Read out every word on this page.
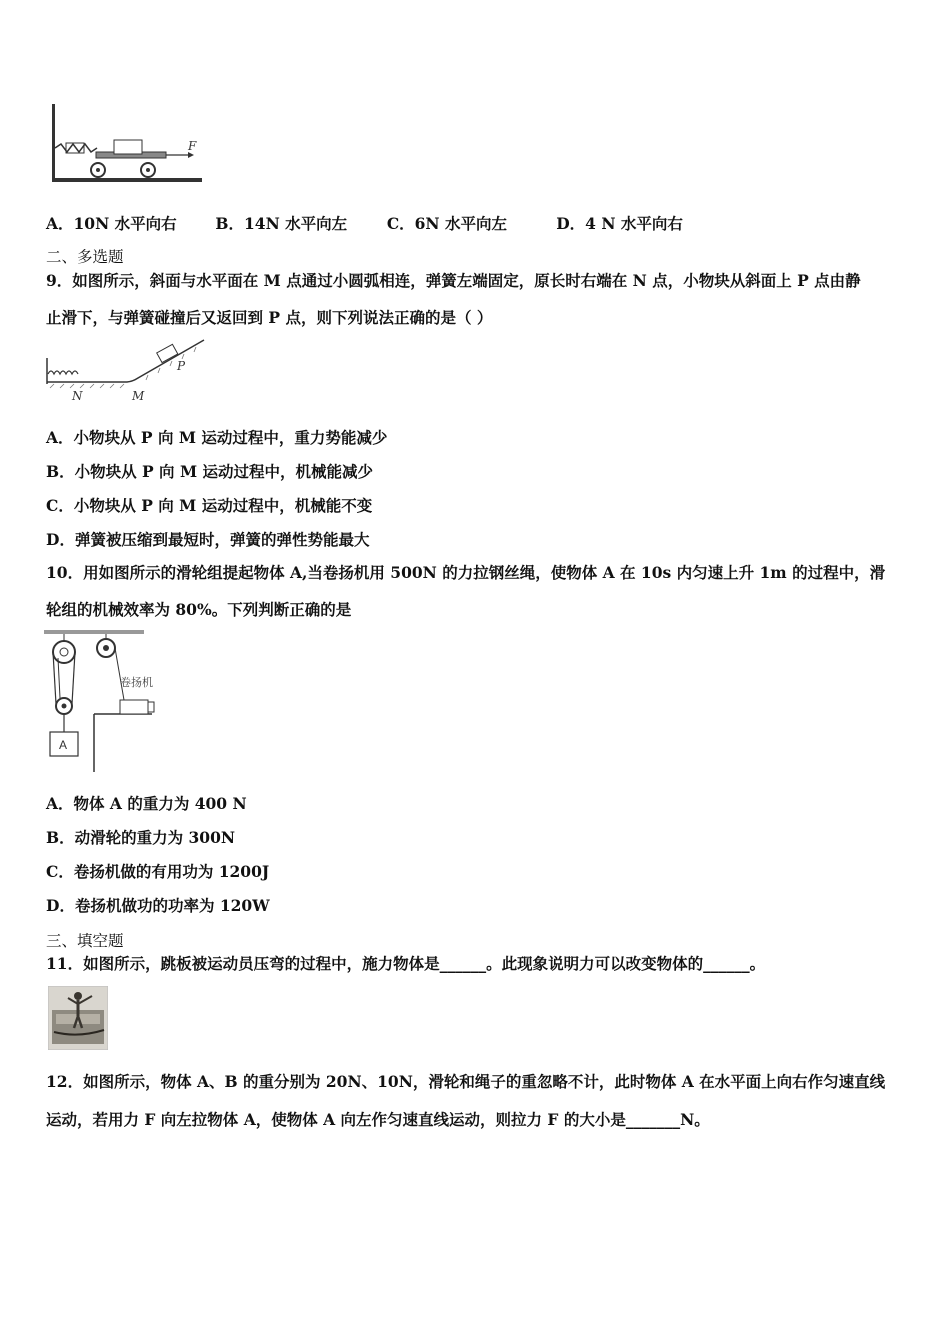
F
A．10N 水平向右 B．14N 水平向左	C．6N 水平向左	D．4 N 水平向右
二、多选题
9．如图所示，斜面与水平面在 M 点通过小圆弧相连，弹簧左端固定，原长时右端在 N 点，小物块从斜面上 P 点由静
止滑下，与弹簧碰撞后又返回到 P 点，则下列说法正确的是（ ）
N	M
P
A．小物块从 P 向 M 运动过程中，重力势能减少
B．小物块从 P 向 M 运动过程中，机械能减少
C．小物块从 P 向 M 运动过程中，机械能不变
D．弹簧被压缩到最短时，弹簧的弹性势能最大
10．用如图所示的滑轮组提起物体 A,当卷扬机用 500N 的力拉钢丝绳，使物体 A 在 10s 内匀速上升 1m 的过程中，滑
轮组的机械效率为 80%。下列判断正确的是
A
卷扬机
A．物体 A 的重力为 400 N
B．动滑轮的重力为 300N
C．卷扬机做的有用功为 1200J
D．卷扬机做功的功率为 120W
三、填空题
11．如图所示，跳板被运动员压弯的过程中，施力物体是______。此现象说明力可以改变物体的______。
12．如图所示，物体 A、B 的重分别为 20N、10N，滑轮和绳子的重忽略不计，此时物体 A 在水平面上向右作匀速直线
运动，若用力 F 向左拉物体 A，使物体 A 向左作匀速直线运动，则拉力 F 的大小是_______N。
